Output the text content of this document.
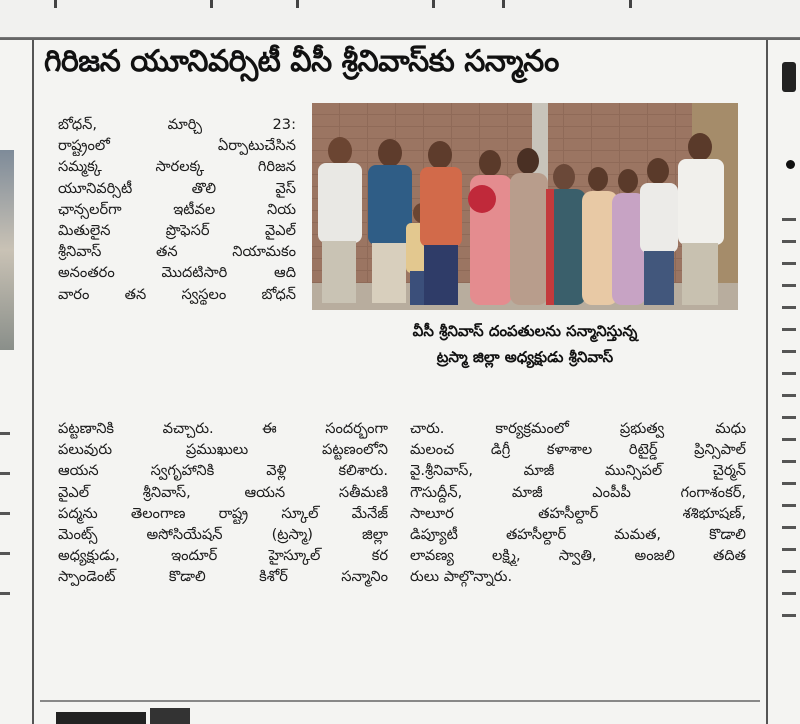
గిరిజన యూనివర్సిటీ వీసీ శ్రీనివాస్‌కు సన్మానం
బోధన్, మార్చి 23:
రాష్ట్రంలో ఏర్పాటుచేసిన
సమ్మక్క సారలక్క గిరిజన
యూనివర్సిటీ తొలి వైస్
ఛాన్సలర్‌గా ఇటీవల నియ
మితులైన ప్రొఫెసర్ వైఎల్
శ్రీనివాస్ తన నియామకం
అనంతరం మొదటిసారి ఆది
వారం తన స్వస్థలం బోధన్
పట్టణానికి వచ్చారు. ఈ సందర్భంగా
పలువురు ప్రముఖులు పట్టణంలోని
ఆయన స్వగృహానికి వెళ్లి కలిశారు.
వైఎల్ శ్రీనివాస్, ఆయన సతీమణి
పద్మను తెలంగాణ రాష్ట్ర స్కూల్ మేనేజ్
మెంట్స్ అసోసియేషన్ (ట్రస్మా) జిల్లా
అధ్యక్షుడు, ఇందూర్ హైస్కూల్ కర
స్పాండెంట్ కొడాలి కిశోర్ సన్మానిం
చారు. కార్యక్రమంలో ప్రభుత్వ మధు
మలంచ డిగ్రీ కళాశాల రిటైర్డ్ ప్రిన్సిపాల్
వై.శ్రీనివాస్, మాజీ మున్సిపల్ చైర్మన్
గౌసుద్దీన్, మాజీ ఎంపీపీ గంగాశంకర్,
సాలూర తహసీల్దార్ శశిభూషణ్,
డిప్యూటీ తహసీల్దార్ మమత, కొడాలి
లావణ్య లక్ష్మి, స్వాతి, అంజలి తదిత
రులు పాల్గొన్నారు.
వీసీ శ్రీనివాస్ దంపతులను సన్మానిస్తున్న
ట్రస్మా జిల్లా అధ్యక్షుడు శ్రీనివాస్
